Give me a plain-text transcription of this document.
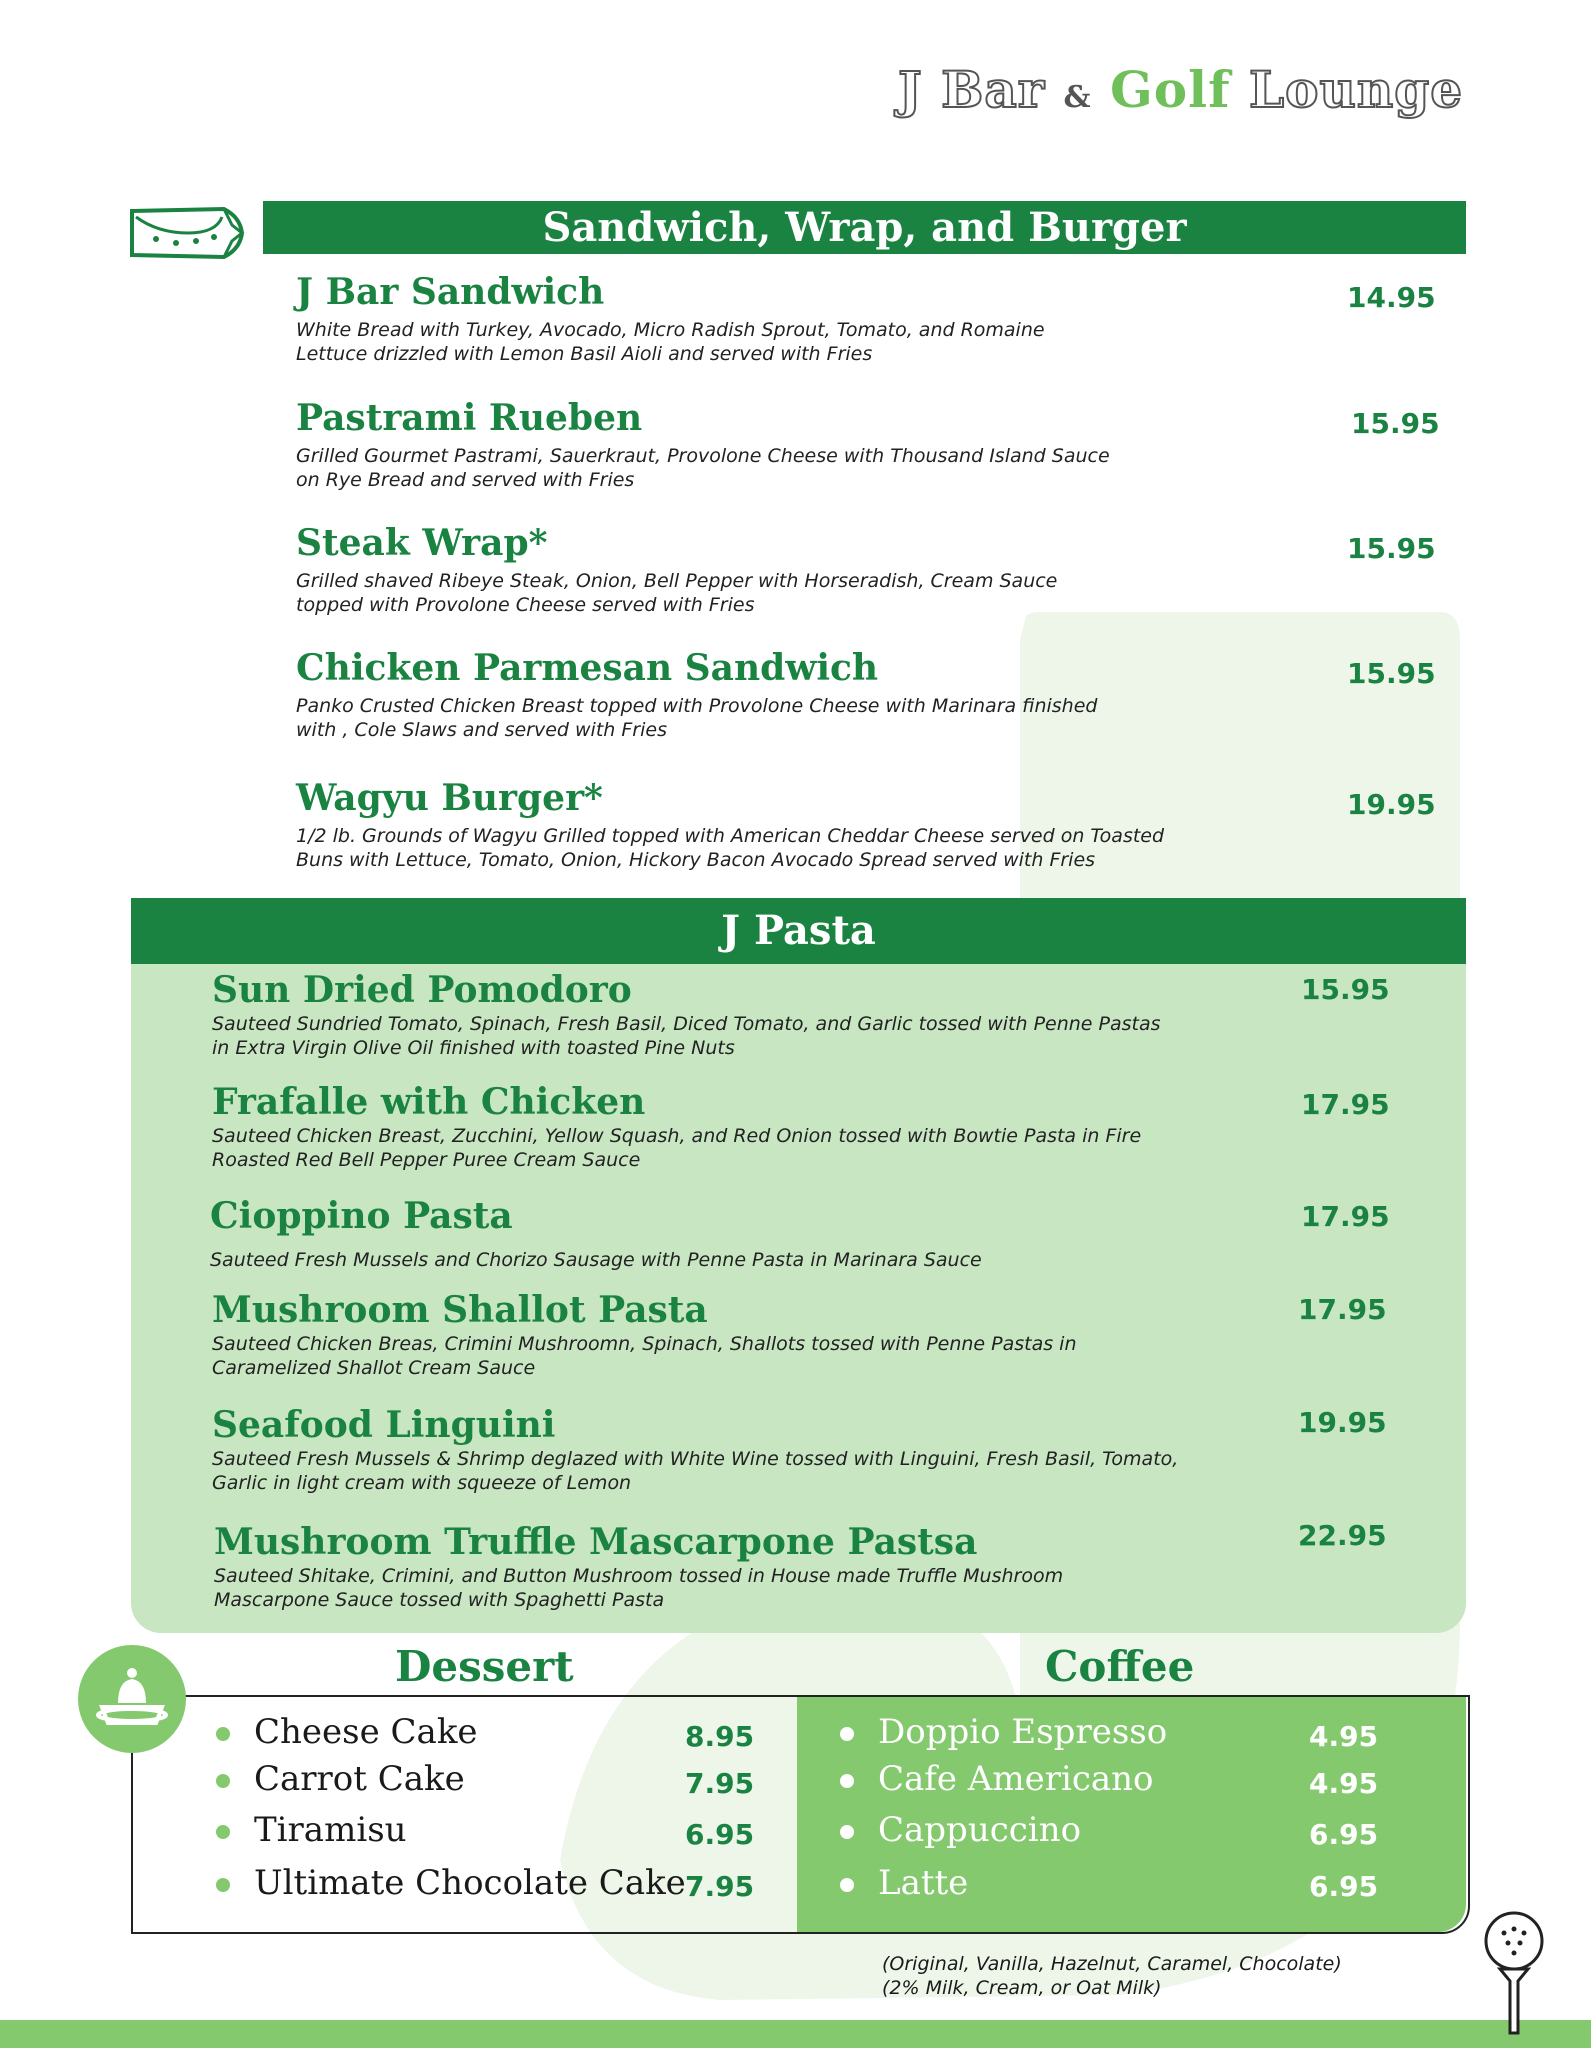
J Bar & Golf Lounge
Sandwich, Wrap, and Burger
J Bar Sandwich
White Bread with Turkey, Avocado, Micro Radish Sprout, Tomato, and Romaine
Lettuce drizzled with Lemon Basil Aioli and served with Fries
14.95
Pastrami Rueben
Grilled Gourmet Pastrami, Sauerkraut, Provolone Cheese with Thousand Island Sauce
on Rye Bread and served with Fries
15.95
Steak Wrap*
Grilled shaved Ribeye Steak, Onion, Bell Pepper with Horseradish, Cream Sauce
topped with Provolone Cheese served with Fries
15.95
Chicken Parmesan Sandwich
Panko Crusted Chicken Breast topped with Provolone Cheese with Marinara finished
with , Cole Slaws and served with Fries
15.95
Wagyu Burger*
1/2 lb. Grounds of Wagyu Grilled topped with American Cheddar Cheese served on Toasted
Buns with Lettuce, Tomato, Onion, Hickory Bacon Avocado Spread served with Fries
19.95
J Pasta
Sun Dried Pomodoro
Sauteed Sundried Tomato, Spinach, Fresh Basil, Diced Tomato, and Garlic tossed with Penne Pastas
in Extra Virgin Olive Oil finished with toasted Pine Nuts
15.95
Frafalle with Chicken
Sauteed Chicken Breast, Zucchini, Yellow Squash, and Red Onion tossed with Bowtie Pasta in Fire
Roasted Red Bell Pepper Puree Cream Sauce
17.95
Cioppino Pasta
Sauteed Fresh Mussels and Chorizo Sausage with Penne Pasta in Marinara Sauce
17.95
Mushroom Shallot Pasta
Sauteed Chicken Breas, Crimini Mushroomn, Spinach, Shallots tossed with Penne Pastas in
Caramelized Shallot Cream Sauce
17.95
Seafood Linguini
Sauteed Fresh Mussels & Shrimp deglazed with White Wine tossed with Linguini, Fresh Basil, Tomato,
Garlic in light cream with squeeze of Lemon
19.95
Mushroom Truffle Mascarpone Pastsa
Sauteed Shitake, Crimini, and Button Mushroom tossed in House made Truffle Mushroom
Mascarpone Sauce tossed with Spaghetti Pasta
22.95
Dessert	Coffee
Cheese Cake	8.95
Carrot Cake	7.95
Tiramisu	6.95
Ultimate Chocolate Cake 7.95
Doppio Espresso	4.95
Cafe Americano	4.95
Cappuccino	6.95
Latte	6.95
(Original, Vanilla, Hazelnut, Caramel, Chocolate)
(2% Milk, Cream, or Oat Milk)
